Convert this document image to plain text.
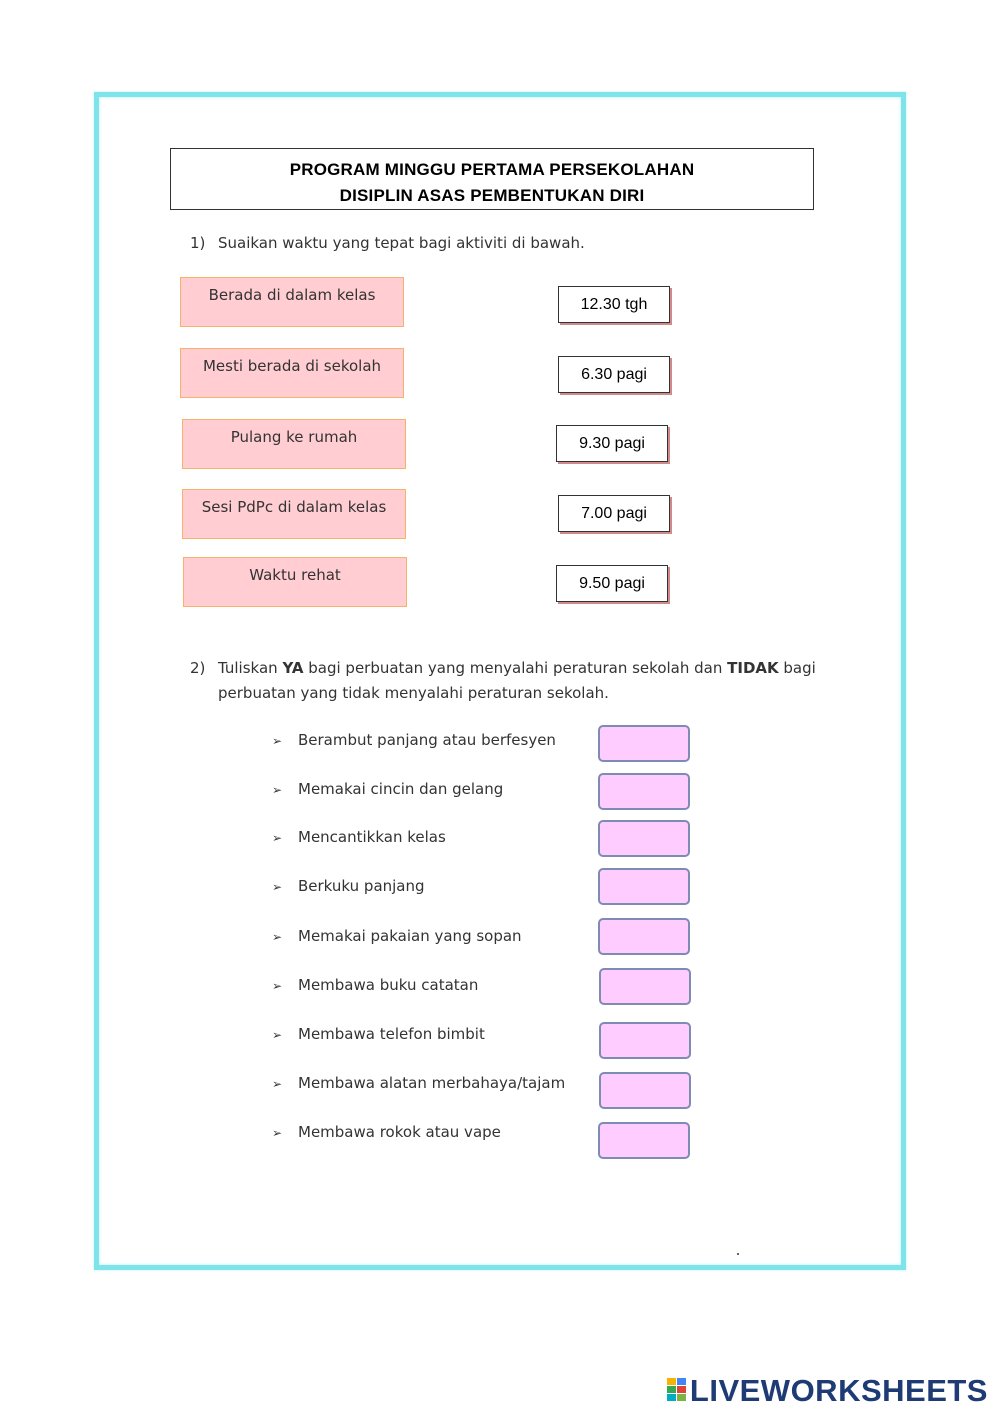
PROGRAM MINGGU PERTAMA PERSEKOLAHAN
DISIPLIN ASAS PEMBENTUKAN DIRI
1) Suaikan waktu yang tepat bagi aktiviti di bawah.
Berada di dalam kelas
Mesti berada di sekolah
Pulang ke rumah
Sesi PdPc di dalam kelas
Waktu rehat
12.30 tgh
6.30 pagi
9.30 pagi
7.00 pagi
9.50 pagi
2) Tuliskan YA bagi perbuatan yang menyalahi peraturan sekolah dan TIDAK bagi
perbuatan yang tidak menyalahi peraturan sekolah.
➢ Berambut panjang atau berfesyen
➢ Memakai cincin dan gelang
➢ Mencantikkan kelas
➢ Berkuku panjang
➢ Memakai pakaian yang sopan
➢ Membawa buku catatan
➢ Membawa telefon bimbit
➢ Membawa alatan merbahaya/tajam
➢ Membawa rokok atau vape
LIVEWORKSHEETS
